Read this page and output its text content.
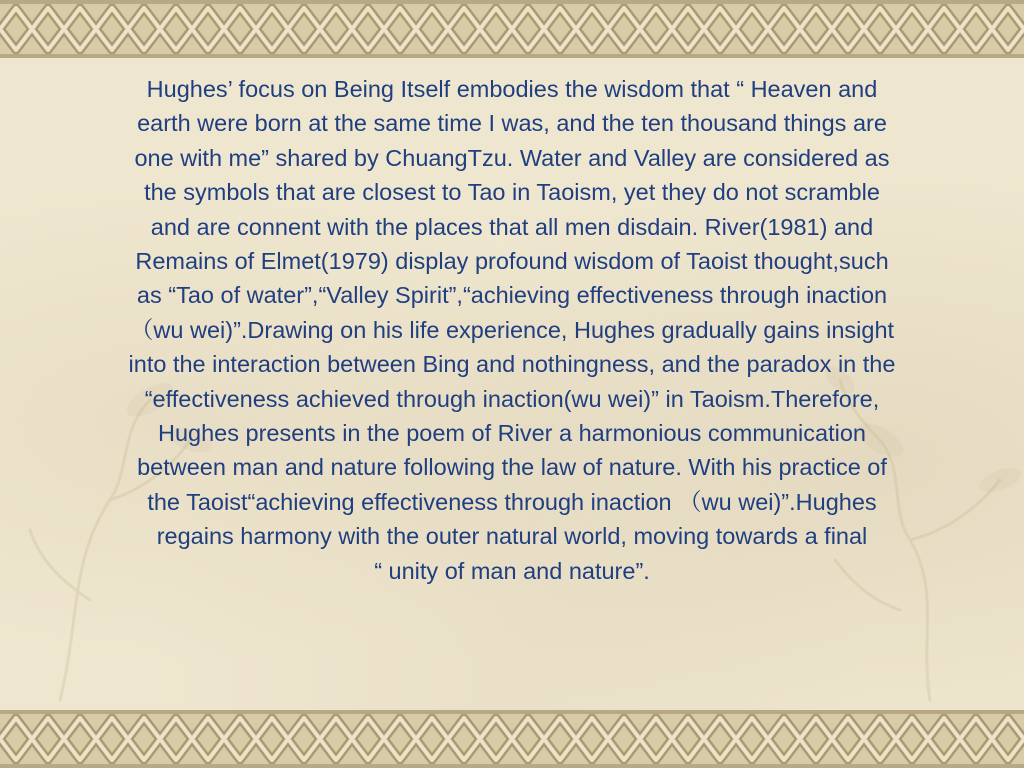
Hughes’ focus on Being Itself embodies the wisdom that “ Heaven and
earth were born at the same time I was, and the ten thousand things are
one with me” shared by ChuangTzu. Water and Valley are considered as
the symbols that are closest to Tao in Taoism, yet they do not scramble
and are connent with the places that all men disdain. River(1981) and
Remains of Elmet(1979) display profound wisdom of Taoist thought,such
as “Tao of water”,“Valley Spirit”,“achieving effectiveness through inaction
（wu wei)”.Drawing on his life experience, Hughes gradually gains insight
into the interaction between Bing and nothingness, and the paradox in the
“effectiveness achieved through inaction(wu wei)” in Taoism.Therefore,
Hughes presents in the poem of River a harmonious communication
between man and nature following the law of nature. With his practice of
the Taoist“achieving effectiveness through inaction （wu wei)”.Hughes
regains harmony with the outer natural world, moving towards a final
“ unity of man and nature”.
